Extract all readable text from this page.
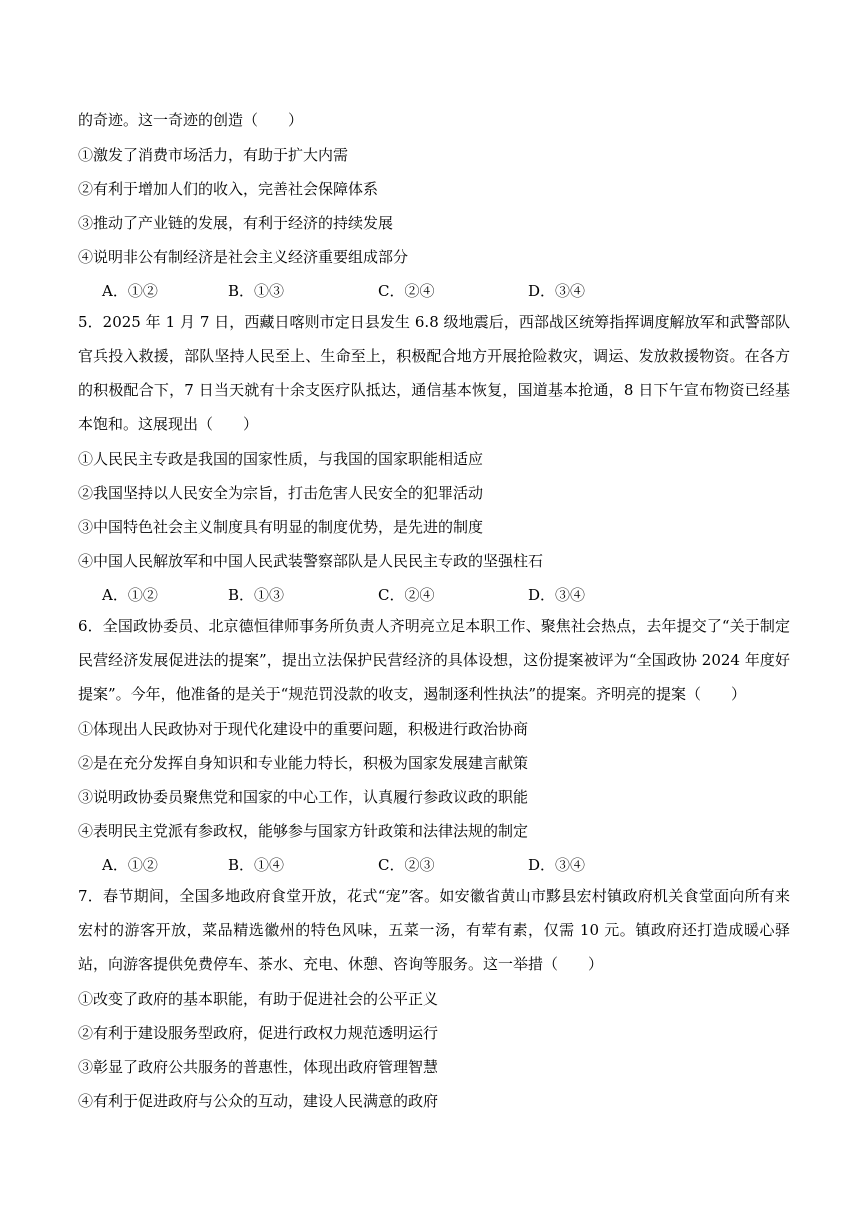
的奇迹。这一奇迹的创造（　　）
①激发了消费市场活力，有助于扩大内需
②有利于增加人们的收入，完善社会保障体系
③推动了产业链的发展，有利于经济的持续发展
④说明非公有制经济是社会主义经济重要组成部分
A．①②	B．①③	C．②④	D．③④
5．2025 年 1 月 7 日，西藏日喀则市定日县发生 6.8 级地震后，西部战区统筹指挥调度解放军和武警部队官兵投入救援，部队坚持人民至上、生命至上，积极配合地方开展抢险救灾，调运、发放救援物资。在各方的积极配合下，7 日当天就有十余支医疗队抵达，通信基本恢复，国道基本抢通，8 日下午宣布物资已经基本饱和。这展现出（　　）
①人民民主专政是我国的国家性质，与我国的国家职能相适应
②我国坚持以人民安全为宗旨，打击危害人民安全的犯罪活动
③中国特色社会主义制度具有明显的制度优势，是先进的制度
④中国人民解放军和中国人民武装警察部队是人民民主专政的坚强柱石
A．①②	B．①③	C．②④	D．③④
6．全国政协委员、北京德恒律师事务所负责人齐明亮立足本职工作、聚焦社会热点，去年提交了“关于制定民营经济发展促进法的提案”，提出立法保护民营经济的具体设想，这份提案被评为“全国政协 2024 年度好提案”。今年，他准备的是关于“规范罚没款的收支，遏制逐利性执法”的提案。齐明亮的提案（　　）
①体现出人民政协对于现代化建设中的重要问题，积极进行政治协商
②是在充分发挥自身知识和专业能力特长，积极为国家发展建言献策
③说明政协委员聚焦党和国家的中心工作，认真履行参政议政的职能
④表明民主党派有参政权，能够参与国家方针政策和法律法规的制定
A．①②	B．①④	C．②③	D．③④
7．春节期间，全国多地政府食堂开放，花式“宠”客。如安徽省黄山市黟县宏村镇政府机关食堂面向所有来宏村的游客开放，菜品精选徽州的特色风味，五菜一汤，有荤有素，仅需 10 元。镇政府还打造成暖心驿站，向游客提供免费停车、茶水、充电、休憩、咨询等服务。这一举措（　　）
①改变了政府的基本职能，有助于促进社会的公平正义
②有利于建设服务型政府，促进行政权力规范透明运行
③彰显了政府公共服务的普惠性，体现出政府管理智慧
④有利于促进政府与公众的互动，建设人民满意的政府
